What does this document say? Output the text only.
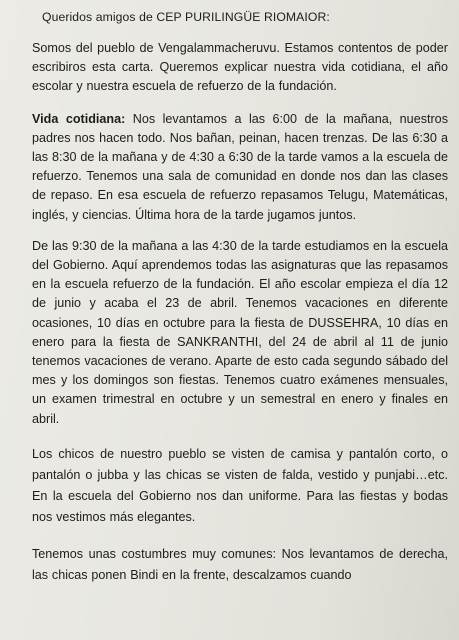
Queridos amigos de CEP PURILINGÜE RIOMAIOR:

Somos del pueblo de Vengalammacheruvu. Estamos contentos de poder escribiros esta carta. Queremos explicar nuestra vida cotidiana, el año escolar y nuestra escuela de refuerzo de la fundación.

Vida cotidiana: Nos levantamos a las 6:00 de la mañana, nuestros padres nos hacen todo. Nos bañan, peinan, hacen trenzas. De las 6:30 a las 8:30 de la mañana y de 4:30 a 6:30 de la tarde vamos a la escuela de refuerzo. Tenemos una sala de comunidad en donde nos dan las clases de repaso. En esa escuela de refuerzo repasamos Telugu, Matemáticas, inglés, y ciencias. Última hora de la tarde jugamos juntos.

De las 9:30 de la mañana a las 4:30 de la tarde estudiamos en la escuela del Gobierno. Aquí aprendemos todas las asignaturas que las repasamos en la escuela refuerzo de la fundación. El año escolar empieza el día 12 de junio y acaba el 23 de abril. Tenemos vacaciones en diferente ocasiones, 10 días en octubre para la fiesta de DUSSEHRA, 10 días en enero para la fiesta de SANKRANTHI, del 24 de abril al 11 de junio tenemos vacaciones de verano. Aparte de esto cada segundo sábado del mes y los domingos son fiestas. Tenemos cuatro exámenes mensuales, un examen trimestral en octubre y un semestral en enero y finales en abril.

Los chicos de nuestro pueblo se visten de camisa y pantalón corto, o pantalón o jubba y las chicas se visten de falda, vestido y punjabi…etc. En la escuela del Gobierno nos dan uniforme. Para las fiestas y bodas nos vestimos más elegantes.

Tenemos unas costumbres muy comunes: Nos levantamos de derecha, las chicas ponen Bindi en la frente, descalzamos cuando
